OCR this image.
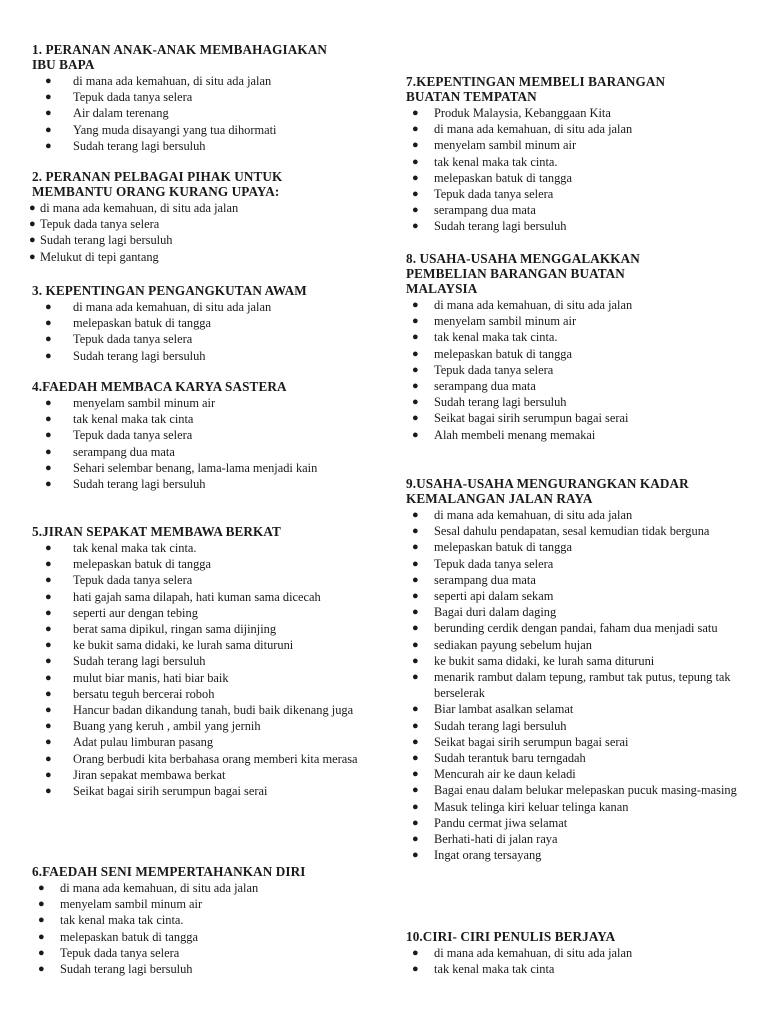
1. PERANAN ANAK-ANAK MEMBAHAGIAKAN
IBU BAPA
● di mana ada kemahuan, di situ ada jalan
● Tepuk dada tanya selera
● Air dalam terenang
● Yang muda disayangi yang tua dihormati
● Sudah terang lagi bersuluh
2. PERANAN PELBAGAI PIHAK UNTUK
MEMBANTU ORANG KURANG UPAYA:
● di mana ada kemahuan, di situ ada jalan
● Tepuk dada tanya selera
● Sudah terang lagi bersuluh
● Melukut di tepi gantang
3. KEPENTINGAN PENGANGKUTAN AWAM
● di mana ada kemahuan, di situ ada jalan
● melepaskan batuk di tangga
● Tepuk dada tanya selera
● Sudah terang lagi bersuluh
4.FAEDAH MEMBACA KARYA SASTERA
● menyelam sambil minum air
● tak kenal maka tak cinta
● Tepuk dada tanya selera
● serampang dua mata
● Sehari selembar benang, lama-lama menjadi kain
● Sudah terang lagi bersuluh
5.JIRAN SEPAKAT MEMBAWA BERKAT
● tak kenal maka tak cinta.
● melepaskan batuk di tangga
● Tepuk dada tanya selera
● hati gajah sama dilapah, hati kuman sama dicecah
● seperti aur dengan tebing
● berat sama dipikul, ringan sama dijinjing
● ke bukit sama didaki, ke lurah sama dituruni
● Sudah terang lagi bersuluh
● mulut biar manis, hati biar baik
● bersatu teguh bercerai roboh
● Hancur badan dikandung tanah, budi baik dikenang juga
● Buang yang keruh , ambil yang jernih
● Adat pulau limburan pasang
● Orang berbudi kita berbahasa orang memberi kita merasa
● Jiran sepakat membawa berkat
● Seikat bagai sirih serumpun bagai serai
6.FAEDAH SENI MEMPERTAHANKAN DIRI
● di mana ada kemahuan, di situ ada jalan
● menyelam sambil minum air
● tak kenal maka tak cinta.
● melepaskan batuk di tangga
● Tepuk dada tanya selera
● Sudah terang lagi bersuluh
7.KEPENTINGAN MEMBELI BARANGAN
BUATAN TEMPATAN
● Produk Malaysia, Kebanggaan Kita
● di mana ada kemahuan, di situ ada jalan
● menyelam sambil minum air
● tak kenal maka tak cinta.
● melepaskan batuk di tangga
● Tepuk dada tanya selera
● serampang dua mata
● Sudah terang lagi bersuluh
8. USAHA-USAHA MENGGALAKKAN
PEMBELIAN BARANGAN BUATAN
MALAYSIA
● di mana ada kemahuan, di situ ada jalan
● menyelam sambil minum air
● tak kenal maka tak cinta.
● melepaskan batuk di tangga
● Tepuk dada tanya selera
● serampang dua mata
● Sudah terang lagi bersuluh
● Seikat bagai sirih serumpun bagai serai
● Alah membeli menang memakai
9.USAHA-USAHA MENGURANGKAN KADAR
KEMALANGAN JALAN RAYA
● di mana ada kemahuan, di situ ada jalan
● Sesal dahulu pendapatan, sesal kemudian tidak berguna
● melepaskan batuk di tangga
● Tepuk dada tanya selera
● serampang dua mata
● seperti api dalam sekam
● Bagai duri dalam daging
● berunding cerdik dengan pandai, faham dua menjadi satu
● sediakan payung sebelum hujan
● ke bukit sama didaki, ke lurah sama dituruni
● menarik rambut dalam tepung, rambut tak putus, tepung tak berselerak
● Biar lambat asalkan selamat
● Sudah terang lagi bersuluh
● Seikat bagai sirih serumpun bagai serai
● Sudah terantuk baru terngadah
● Mencurah air ke daun keladi
● Bagai enau dalam belukar melepaskan pucuk masing-masing
● Masuk telinga kiri keluar telinga kanan
● Pandu cermat jiwa selamat
● Berhati-hati di jalan raya
● Ingat orang tersayang
10.CIRI- CIRI PENULIS BERJAYA
● di mana ada kemahuan, di situ ada jalan
● tak kenal maka tak cinta
